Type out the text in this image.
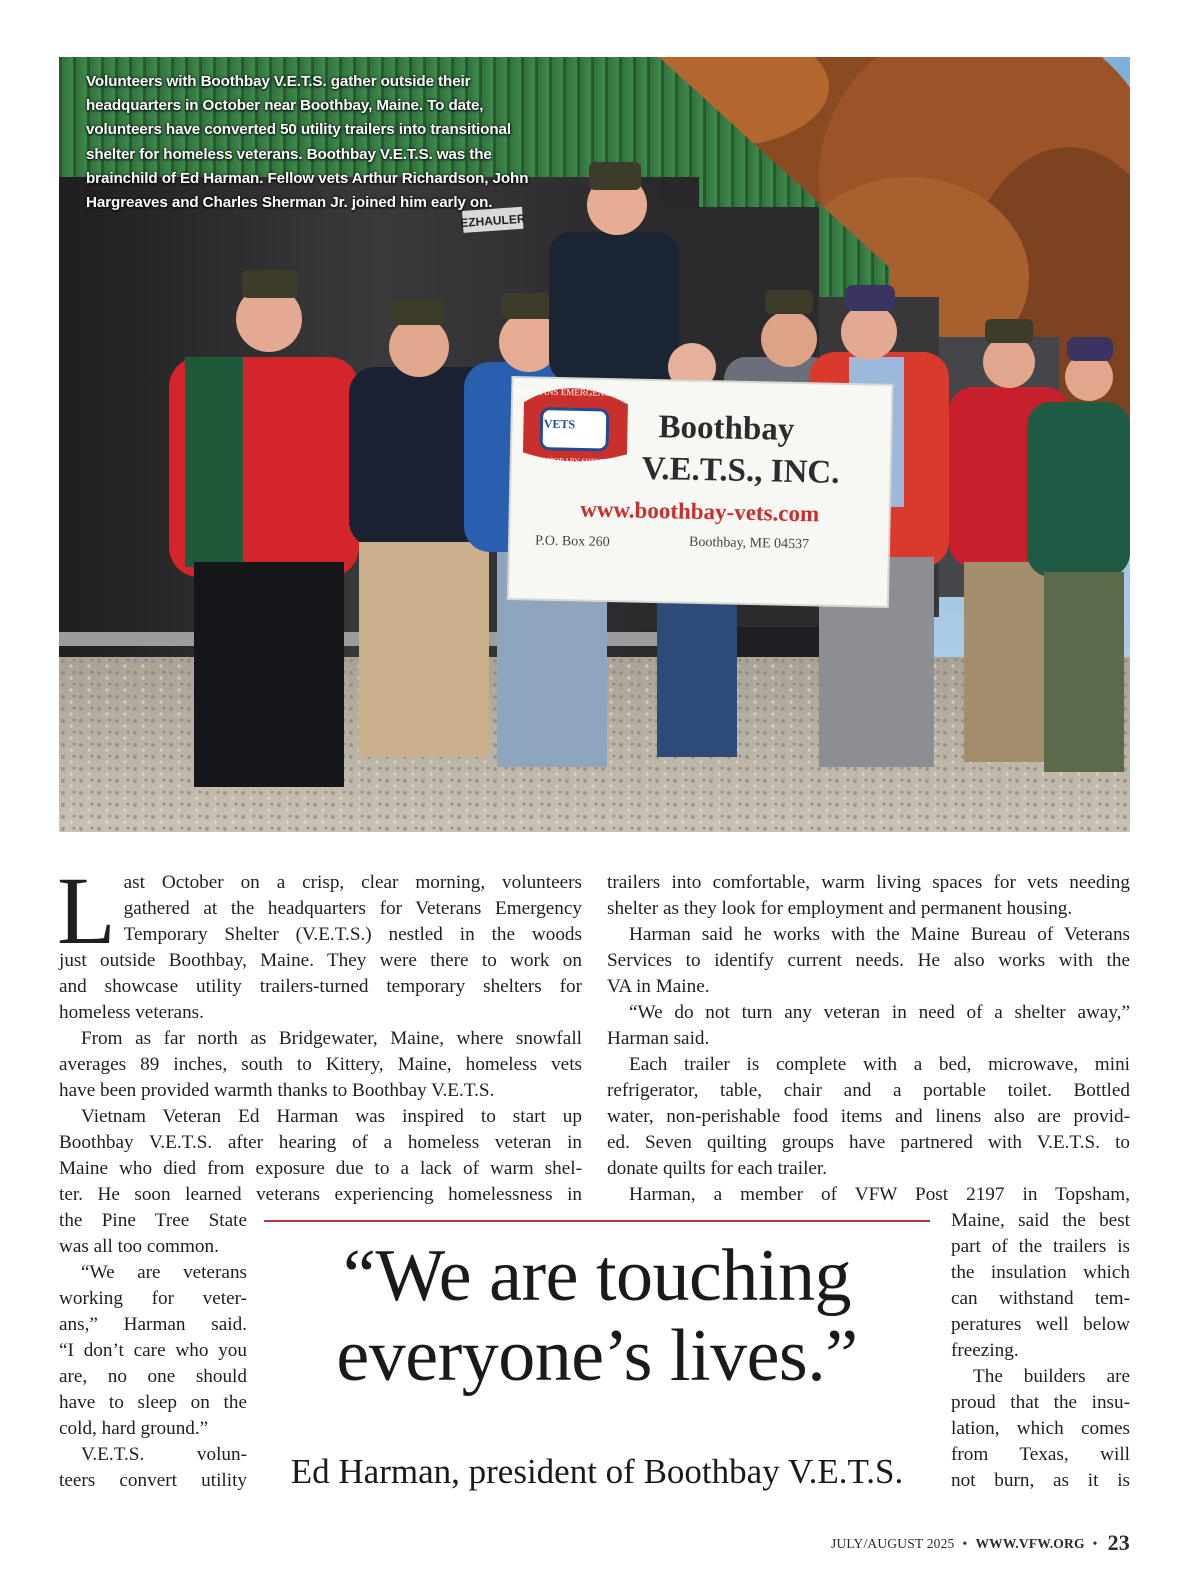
VETERANS EMERGENCY
VETS
TEMPORARY SHELTER
Boothbay
V.E.T.S., INC.
www.boothbay-vets.com
P.O. Box 260	Boothbay, ME 04537
EZHAULER
Volunteers with Boothbay V.E.T.S. gather outside their headquarters in October near Boothbay, Maine. To date, volunteers have converted 50 utility trailers into transitional shelter for homeless veterans. Boothbay V.E.T.S. was the brainchild of Ed Harman. Fellow vets Arthur Richardson, John Hargreaves and Charles Sherman Jr. joined him early on.

L ast October on a crisp, clear morning, volunteers
gathered at the headquarters for Veterans Emergency
Temporary Shelter (V.E.T.S.) nestled in the woods
just outside Boothbay, Maine. They were there to work on
and showcase utility trailers-turned temporary shelters for
homeless veterans.

From as far north as Bridgewater, Maine, where snowfall
averages 89 inches, south to Kittery, Maine, homeless vets
have been provided warmth thanks to Boothbay V.E.T.S.

Vietnam Veteran Ed Harman was inspired to start up
Boothbay V.E.T.S. after hearing of a homeless veteran in
Maine who died from exposure due to a lack of warm shel-
ter. He soon learned veterans experiencing homelessness in

the Pine Tree State
was all too common.
“We are veterans
working for veter-
ans,” Harman said.
“I don’t care who you
are, no one should
have to sleep on the
cold, hard ground.”
V.E.T.S. volun-
teers convert utility
trailers into comfortable, warm living spaces for vets needing
shelter as they look for employment and permanent housing.
Harman said he works with the Maine Bureau of Veterans
Services to identify current needs. He also works with the
VA in Maine.
“We do not turn any veteran in need of a shelter away,”
Harman said.
Each trailer is complete with a bed, microwave, mini
refrigerator, table, chair and a portable toilet. Bottled
water, non-perishable food items and linens also are provid-
ed. Seven quilting groups have partnered with V.E.T.S. to
donate quilts for each trailer.
Harman, a member of VFW Post 2197 in Topsham,
Maine, said the best
part of the trailers is
the insulation which
can withstand tem-
peratures well below
freezing.
The builders are
proud that the insu-
lation, which comes
from Texas, will
not burn, as it is
“We are touching
everyone’s lives.”
Ed Harman, president of Boothbay V.E.T.S.
JULY/AUGUST 2025 • WWW.VFW.ORG • 23
